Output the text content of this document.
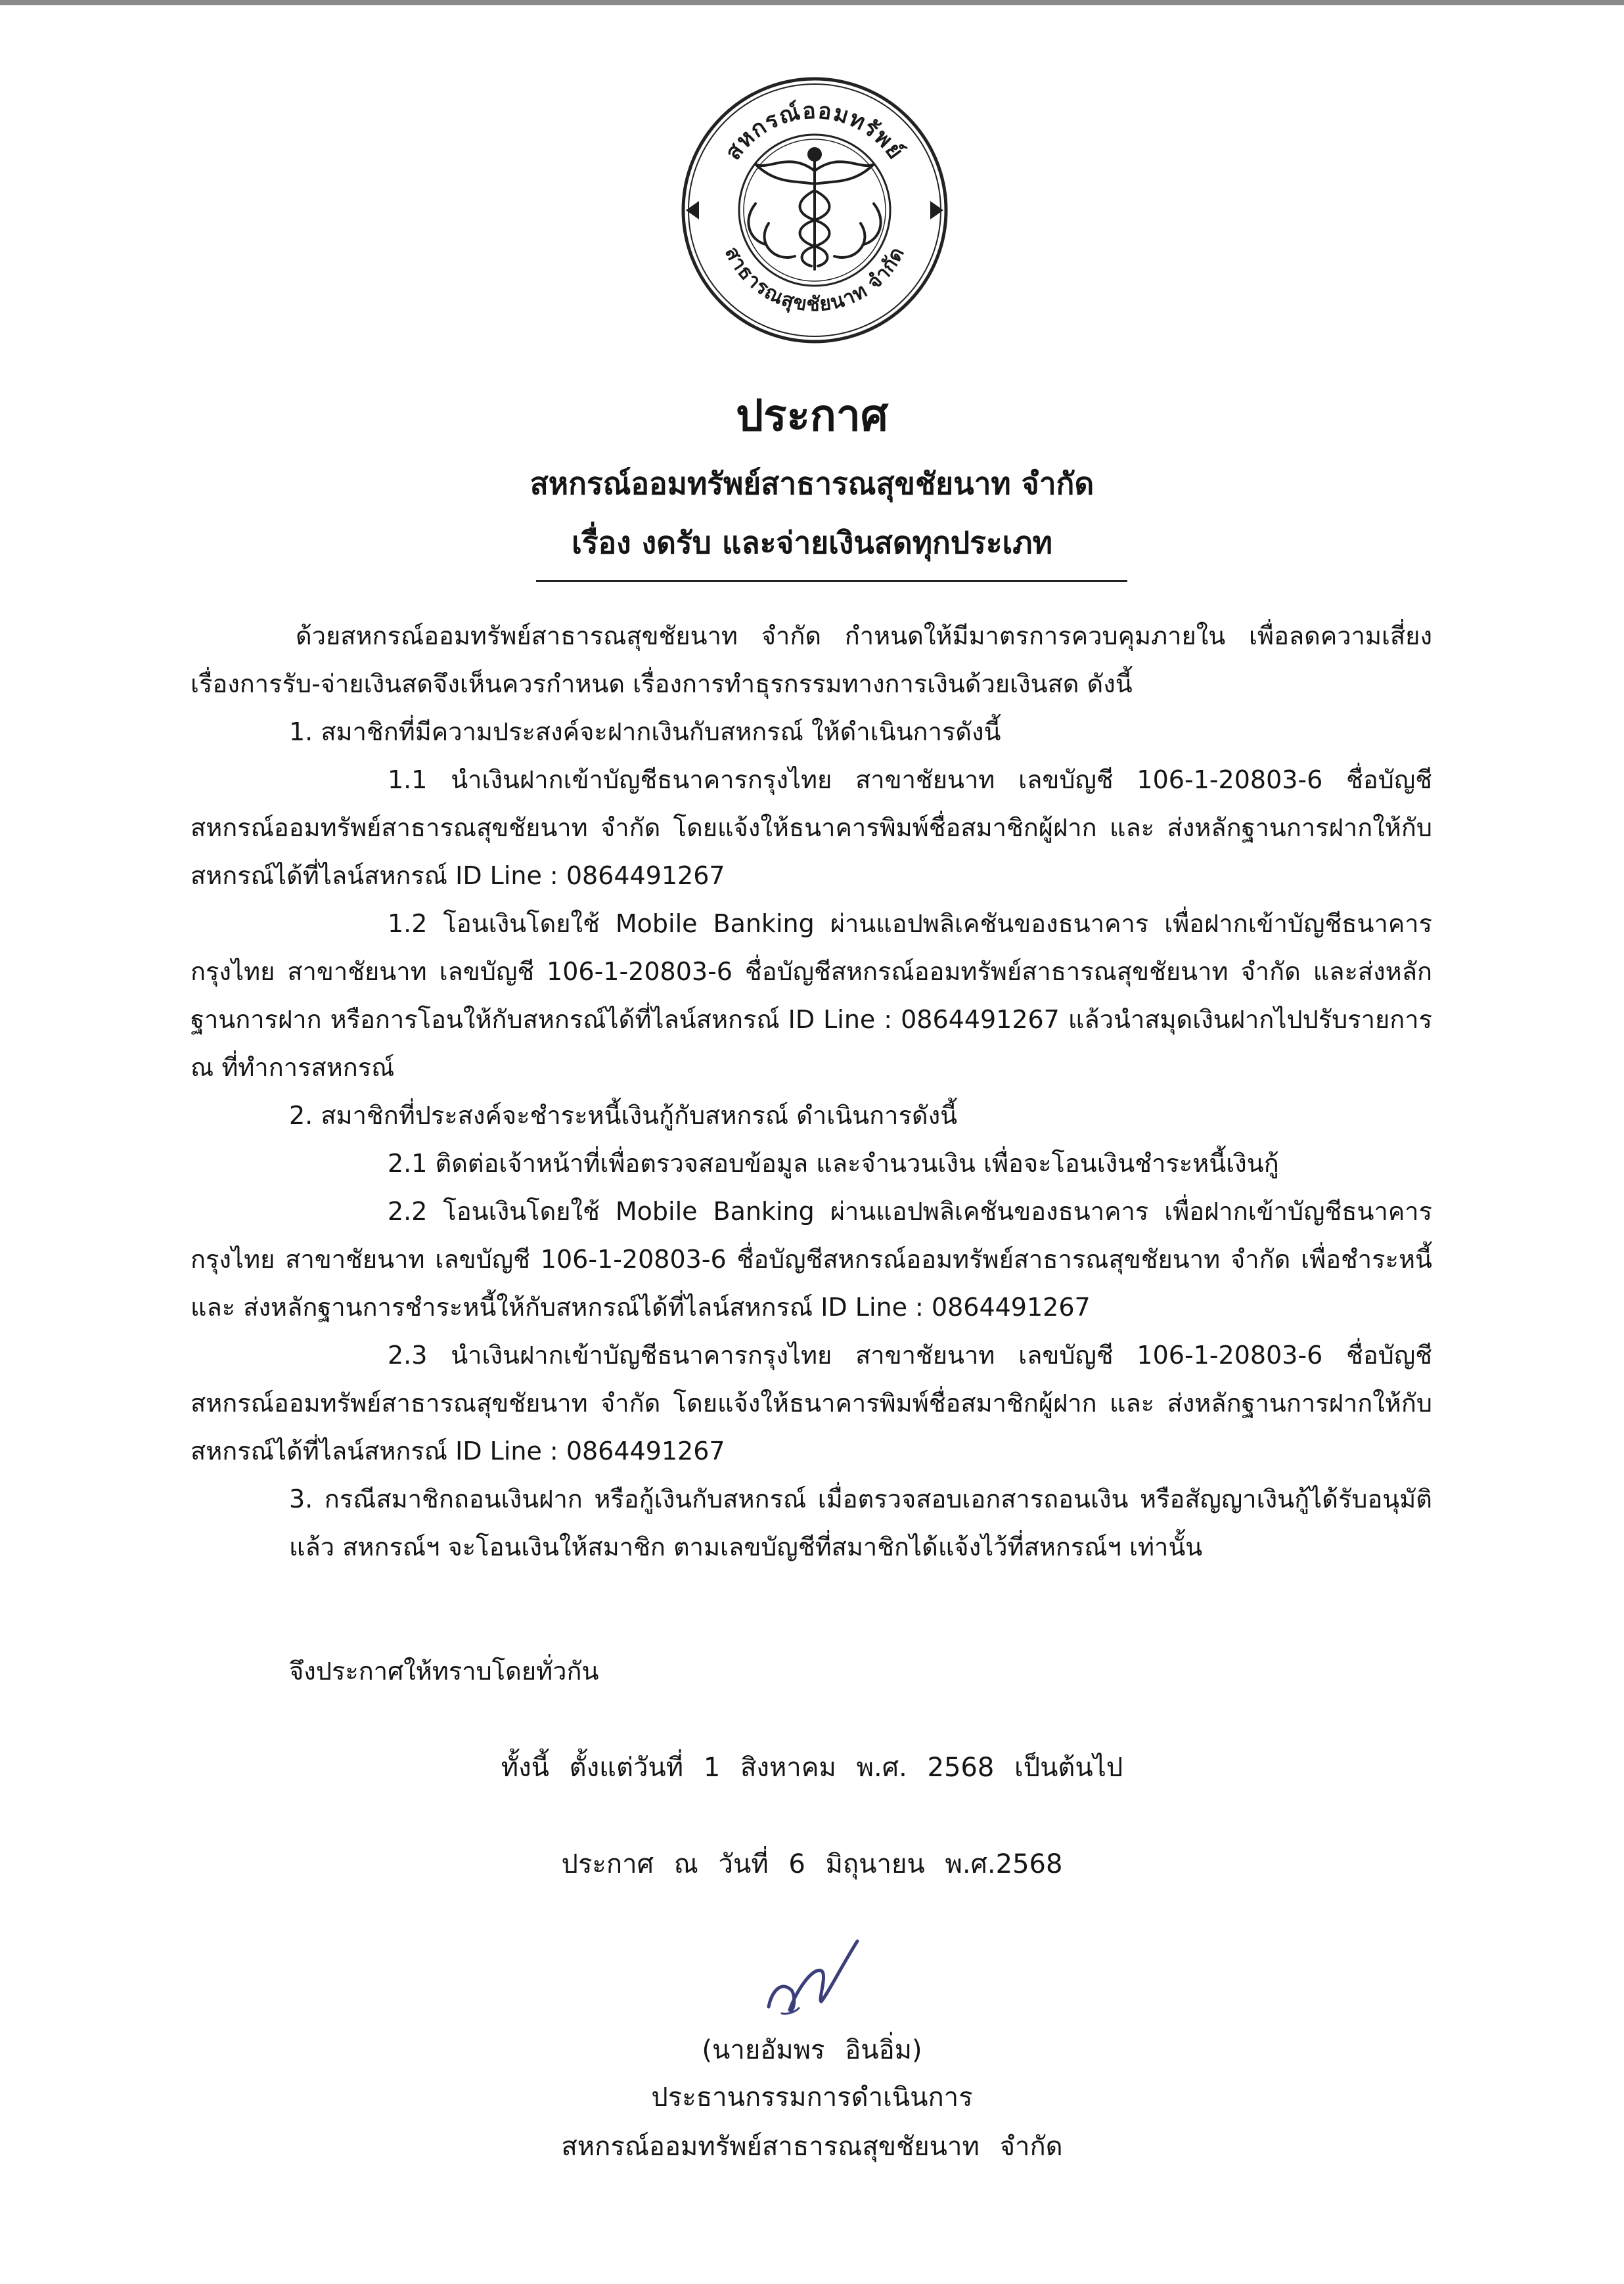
สหกรณ์ออมทรัพย์
สาธารณสุขชัยนาท จำกัด
ประกาศ
สหกรณ์ออมทรัพย์สาธารณสุขชัยนาท จำกัด
เรื่อง งดรับ และจ่ายเงินสดทุกประเภท

ด้วยสหกรณ์ออมทรัพย์สาธารณสุขชัยนาท จำกัด กำหนดให้มีมาตรการควบคุมภายใน เพื่อลดความเสี่ยง เรื่องการรับ-จ่ายเงินสดจึงเห็นควรกำหนด เรื่องการทำธุรกรรมทางการเงินด้วยเงินสด ดังนี้

1. สมาชิกที่มีความประสงค์จะฝากเงินกับสหกรณ์ ให้ดำเนินการดังนี้

1.1 นำเงินฝากเข้าบัญชีธนาคารกรุงไทย สาขาชัยนาท เลขบัญชี 106-1-20803-6 ชื่อบัญชีสหกรณ์ออมทรัพย์สาธารณสุขชัยนาท จำกัด โดยแจ้งให้ธนาคารพิมพ์ชื่อสมาชิกผู้ฝาก และ ส่งหลักฐานการฝากให้กับสหกรณ์ได้ที่ไลน์สหกรณ์ ID Line : 0864491267

1.2 โอนเงินโดยใช้ Mobile Banking ผ่านแอปพลิเคชันของธนาคาร เพื่อฝากเข้าบัญชีธนาคารกรุงไทย สาขาชัยนาท เลขบัญชี 106-1-20803-6 ชื่อบัญชีสหกรณ์ออมทรัพย์สาธารณสุขชัยนาท จำกัด และส่งหลักฐานการฝาก หรือการโอนให้กับสหกรณ์ได้ที่ไลน์สหกรณ์ ID Line : 0864491267 แล้วนำสมุดเงินฝากไปปรับรายการ ณ ที่ทำการสหกรณ์

2. สมาชิกที่ประสงค์จะชำระหนี้เงินกู้กับสหกรณ์ ดำเนินการดังนี้

2.1 ติดต่อเจ้าหน้าที่เพื่อตรวจสอบข้อมูล และจำนวนเงิน เพื่อจะโอนเงินชำระหนี้เงินกู้

2.2 โอนเงินโดยใช้ Mobile Banking ผ่านแอปพลิเคชันของธนาคาร เพื่อฝากเข้าบัญชีธนาคารกรุงไทย สาขาชัยนาท เลขบัญชี 106-1-20803-6 ชื่อบัญชีสหกรณ์ออมทรัพย์สาธารณสุขชัยนาท จำกัด เพื่อชำระหนี้และ ส่งหลักฐานการชำระหนี้ให้กับสหกรณ์ได้ที่ไลน์สหกรณ์ ID Line : 0864491267

2.3 นำเงินฝากเข้าบัญชีธนาคารกรุงไทย สาขาชัยนาท เลขบัญชี 106-1-20803-6 ชื่อบัญชีสหกรณ์ออมทรัพย์สาธารณสุขชัยนาท จำกัด โดยแจ้งให้ธนาคารพิมพ์ชื่อสมาชิกผู้ฝาก และ ส่งหลักฐานการฝากให้กับสหกรณ์ได้ที่ไลน์สหกรณ์ ID Line : 0864491267

3. กรณีสมาชิกถอนเงินฝาก หรือกู้เงินกับสหกรณ์ เมื่อตรวจสอบเอกสารถอนเงิน หรือสัญญาเงินกู้ได้รับอนุมัติแล้ว สหกรณ์ฯ จะโอนเงินให้สมาชิก ตามเลขบัญชีที่สมาชิกได้แจ้งไว้ที่สหกรณ์ฯ เท่านั้น

จึงประกาศให้ทราบโดยทั่วกัน

ทั้งนี้ ตั้งแต่วันที่ 1 สิงหาคม พ.ศ. 2568 เป็นต้นไป
ประกาศ ณ วันที่ 6 มิถุนายน พ.ศ.2568
(นายอัมพร อินอิ่ม)
ประธานกรรมการดำเนินการ
สหกรณ์ออมทรัพย์สาธารณสุขชัยนาท จำกัด
